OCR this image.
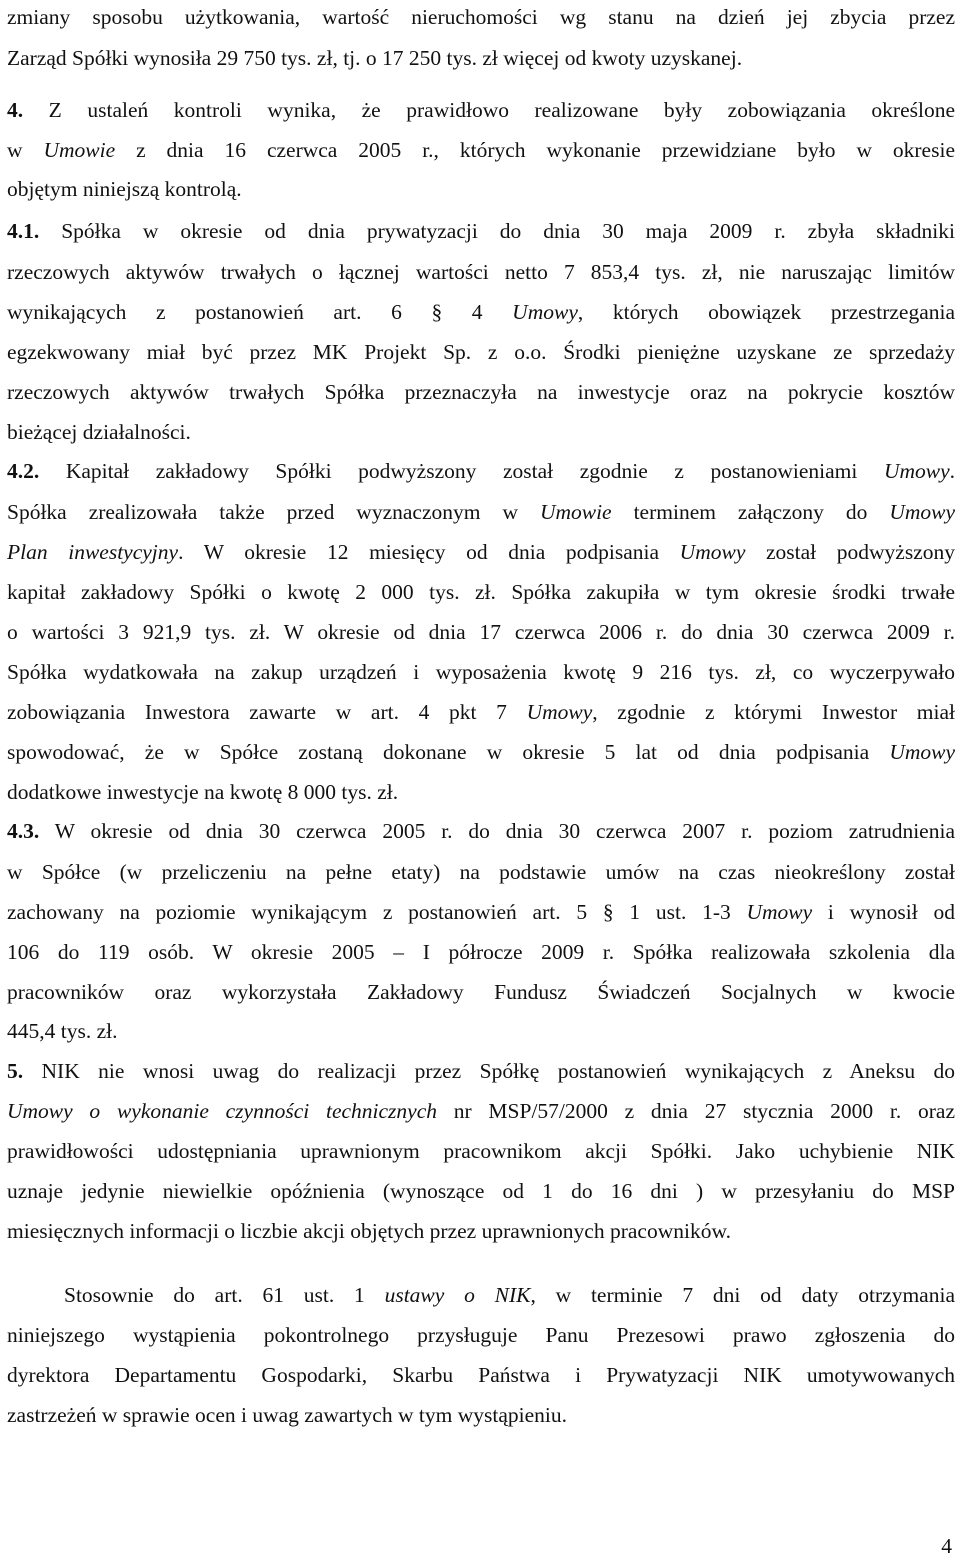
zmiany sposobu użytkowania, wartość nieruchomości wg stanu na dzień jej zbycia przez
Zarząd Spółki wynosiła 29 750 tys. zł, tj. o 17 250 tys. zł więcej od kwoty uzyskanej.
4. Z ustaleń kontroli wynika, że prawidłowo realizowane były zobowiązania określone
w Umowie z dnia 16 czerwca 2005 r., których wykonanie przewidziane było w okresie
objętym niniejszą kontrolą.
4.1. Spółka w okresie od dnia prywatyzacji do dnia 30 maja 2009 r. zbyła składniki
rzeczowych aktywów trwałych o łącznej wartości netto 7 853,4 tys. zł, nie naruszając limitów
wynikających z postanowień art. 6 § 4 Umowy, których obowiązek przestrzegania
egzekwowany miał być przez MK Projekt Sp. z o.o. Środki pieniężne uzyskane ze sprzedaży
rzeczowych aktywów trwałych Spółka przeznaczyła na inwestycje oraz na pokrycie kosztów
bieżącej działalności.
4.2. Kapitał zakładowy Spółki podwyższony został zgodnie z postanowieniami Umowy.
Spółka zrealizowała także przed wyznaczonym w Umowie terminem załączony do Umowy
Plan inwestycyjny. W okresie 12 miesięcy od dnia podpisania Umowy został podwyższony
kapitał zakładowy Spółki o kwotę 2 000 tys. zł. Spółka zakupiła w tym okresie środki trwałe
o wartości 3 921,9 tys. zł. W okresie od dnia 17 czerwca 2006 r. do dnia 30 czerwca 2009 r.
Spółka wydatkowała na zakup urządzeń i wyposażenia kwotę 9 216 tys. zł, co wyczerpywało
zobowiązania Inwestora zawarte w art. 4 pkt 7 Umowy, zgodnie z którymi Inwestor miał
spowodować, że w Spółce zostaną dokonane w okresie 5 lat od dnia podpisania Umowy
dodatkowe inwestycje na kwotę 8 000 tys. zł.
4.3. W okresie od dnia 30 czerwca 2005 r. do dnia 30 czerwca 2007 r. poziom zatrudnienia
w Spółce (w przeliczeniu na pełne etaty) na podstawie umów na czas nieokreślony został
zachowany na poziomie wynikającym z postanowień art. 5 § 1 ust. 1-3 Umowy i wynosił od
106 do 119 osób. W okresie 2005 – I półrocze 2009 r. Spółka realizowała szkolenia dla
pracowników oraz wykorzystała Zakładowy Fundusz Świadczeń Socjalnych w kwocie
445,4 tys. zł.
5. NIK nie wnosi uwag do realizacji przez Spółkę postanowień wynikających z Aneksu do
Umowy o wykonanie czynności technicznych nr MSP/57/2000 z dnia 27 stycznia 2000 r. oraz
prawidłowości udostępniania uprawnionym pracownikom akcji Spółki. Jako uchybienie NIK
uznaje jedynie niewielkie opóźnienia (wynoszące od 1 do 16 dni ) w przesyłaniu do MSP
miesięcznych informacji o liczbie akcji objętych przez uprawnionych pracowników.
Stosownie do art. 61 ust. 1 ustawy o NIK, w terminie 7 dni od daty otrzymania
niniejszego wystąpienia pokontrolnego przysługuje Panu Prezesowi prawo zgłoszenia do
dyrektora Departamentu Gospodarki, Skarbu Państwa i Prywatyzacji NIK umotywowanych
zastrzeżeń w sprawie ocen i uwag zawartych w tym wystąpieniu.
4
